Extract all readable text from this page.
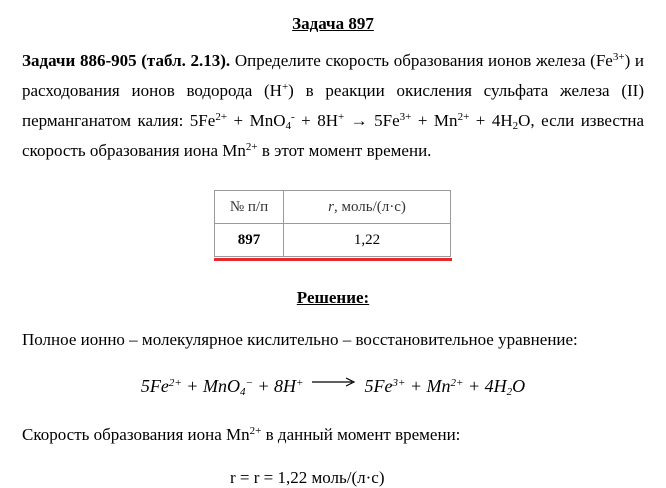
Задача 897
Задачи 886-905 (табл. 2.13). Определите скорость образования ионов железа $(Fe^{3+})$ и расходования ионов водорода (H+) в реакции окисления сульфата железа (II) перманганатом калия: $5Fe^{2+} + MnO_4^- + 8H^+ \to 5Fe^{3+} + Mn^{2+} + 4H_2O$, если известна скорость образования иона $Mn^{2+}$ в этот момент времени.
№ п/п	r, моль/(л·с)
897	1,22
Решение:
Полное ионно – молекулярное кислительно – восстановительное уравнение:
$5Fe^{2+} + MnO_4^- + 8H^+ \to 5Fe^{3+} + Mn^{2+} + 4H_2O$
Скорость образования иона $Mn^{2+}$ в данный момент времени:
r = r = 1,22 моль/(л·с)
